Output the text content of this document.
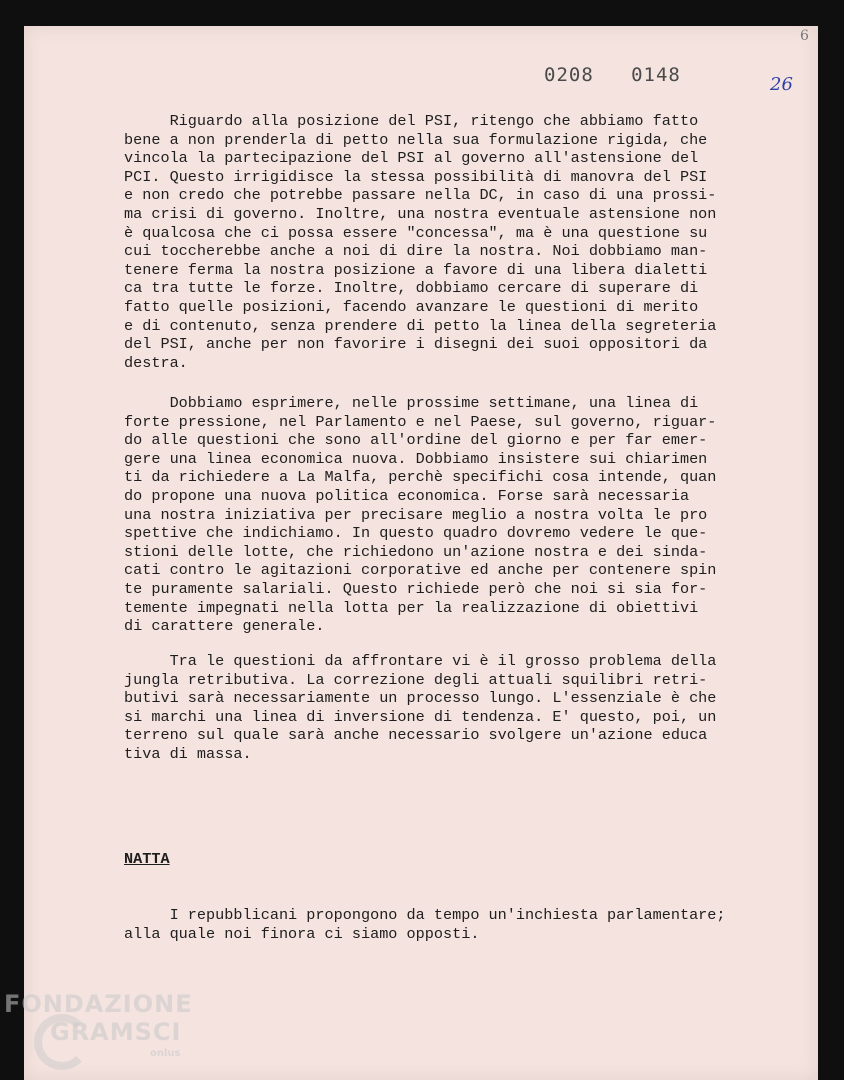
6
0208   0148	26
Riguardo alla posizione del PSI, ritengo che abbiamo fatto
bene a non prenderla di petto nella sua formulazione rigida, che
vincola la partecipazione del PSI al governo all'astensione del
PCI. Questo irrigidisce la stessa possibilità di manovra del PSI
e non credo che potrebbe passare nella DC, in caso di una prossi-
ma crisi di governo. Inoltre, una nostra eventuale astensione non
è qualcosa che ci possa essere "concessa", ma è una questione su
cui toccherebbe anche a noi di dire la nostra. Noi dobbiamo man-
tenere ferma la nostra posizione a favore di una libera dialetti
ca tra tutte le forze. Inoltre, dobbiamo cercare di superare di
fatto quelle posizioni, facendo avanzare le questioni di merito
e di contenuto, senza prendere di petto la linea della segreteria
del PSI, anche per non favorire i disegni dei suoi oppositori da
destra.
Dobbiamo esprimere, nelle prossime settimane, una linea di
forte pressione, nel Parlamento e nel Paese, sul governo, riguar-
do alle questioni che sono all'ordine del giorno e per far emer-
gere una linea economica nuova. Dobbiamo insistere sui chiarimen
ti da richiedere a La Malfa, perchè specifichi cosa intende, quan
do propone una nuova politica economica. Forse sarà necessaria
una nostra iniziativa per precisare meglio a nostra volta le pro
spettive che indichiamo. In questo quadro dovremo vedere le que-
stioni delle lotte, che richiedono un'azione nostra e dei sinda-
cati contro le agitazioni corporative ed anche per contenere spin
te puramente salariali. Questo richiede però che noi si sia for-
temente impegnati nella lotta per la realizzazione di obiettivi
di carattere generale.
Tra le questioni da affrontare vi è il grosso problema della
jungla retributiva. La correzione degli attuali squilibri retri-
butivi sarà necessariamente un processo lungo. L'essenziale è che
si marchi una linea di inversione di tendenza. E' questo, poi, un
terreno sul quale sarà anche necessario svolgere un'azione educa
tiva di massa.
NATTA
I repubblicani propongono da tempo un'inchiesta parlamentare;
alla quale noi finora ci siamo opposti.
FONDAZIONE
GRAMSCI
onlus
